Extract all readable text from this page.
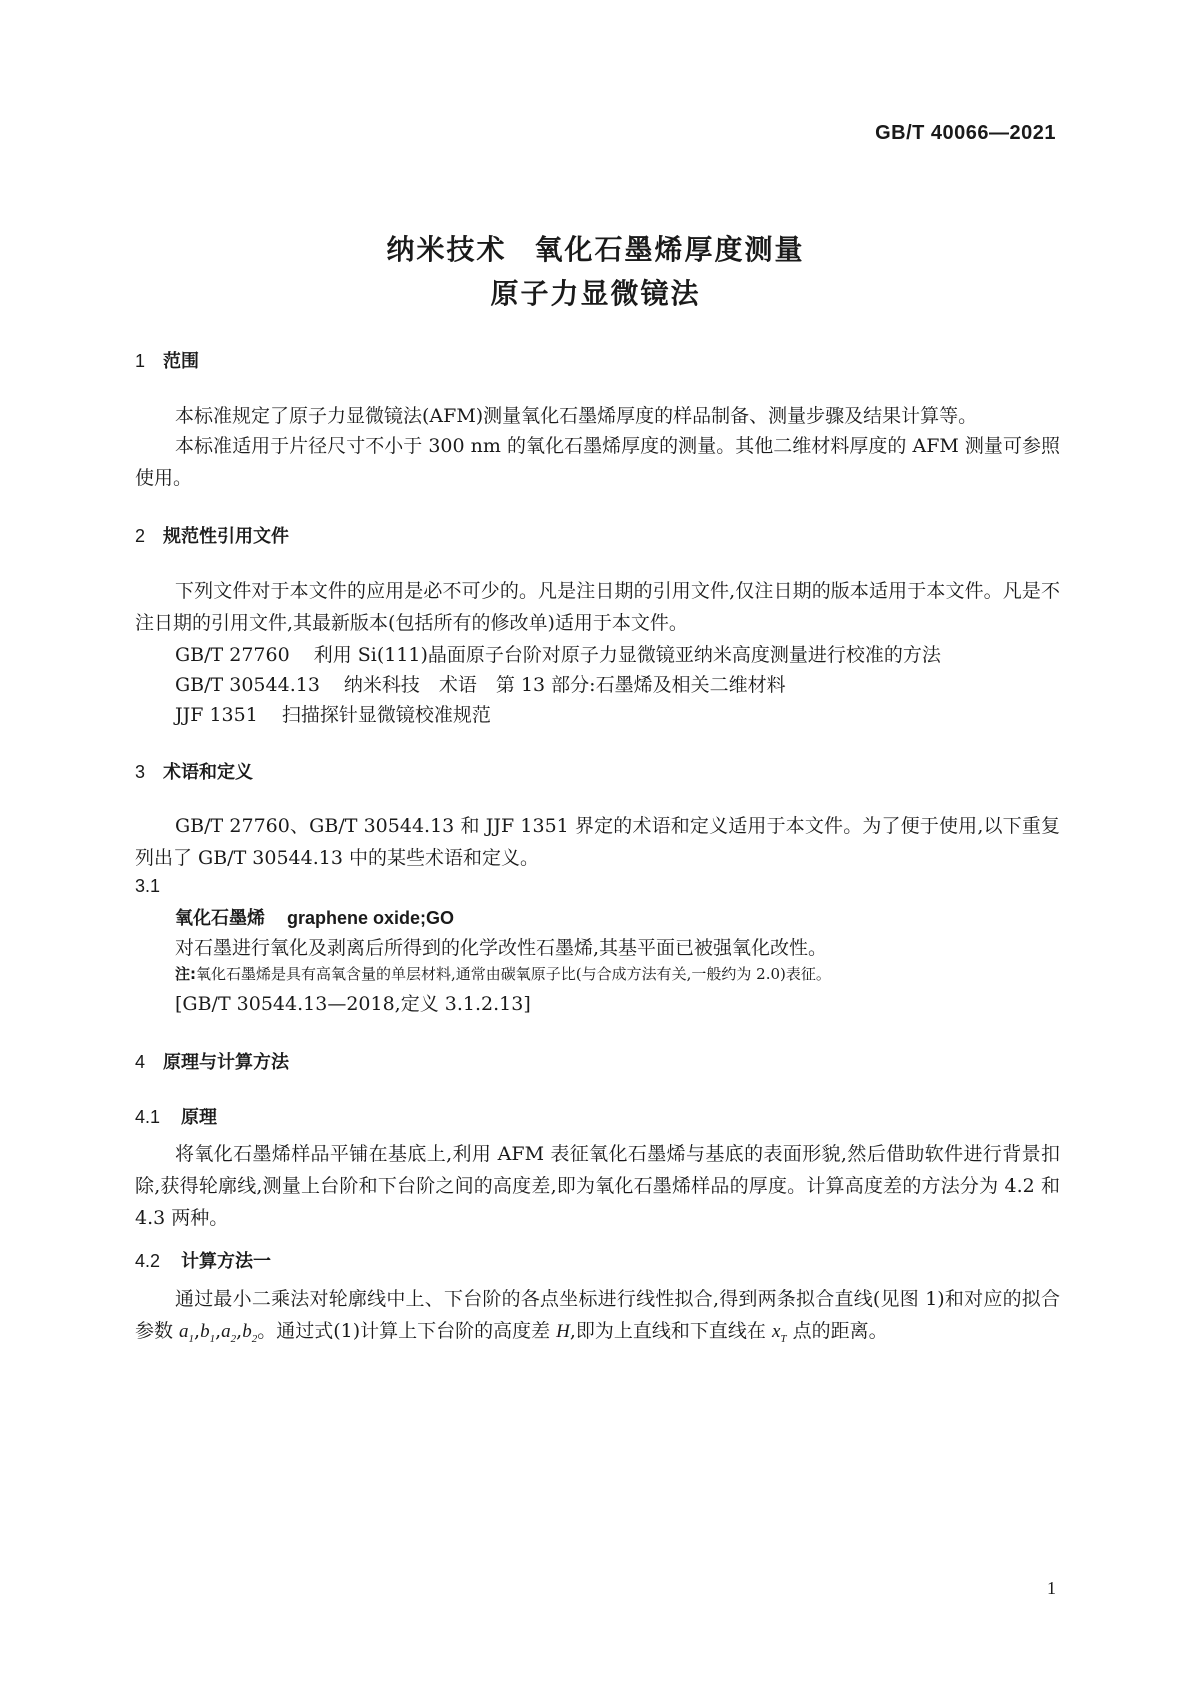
GB/T 40066—2021
纳米技术 氧化石墨烯厚度测量
原子力显微镜法
1 范围
本标准规定了原子力显微镜法(AFM)测量氧化石墨烯厚度的样品制备、测量步骤及结果计算等。
本标准适用于片径尺寸不小于 300 nm 的氧化石墨烯厚度的测量。其他二维材料厚度的 AFM 测量可参照使用。
2 规范性引用文件
下列文件对于本文件的应用是必不可少的。凡是注日期的引用文件,仅注日期的版本适用于本文件。凡是不注日期的引用文件,其最新版本(包括所有的修改单)适用于本文件。
GB/T 27760 利用 Si(111)晶面原子台阶对原子力显微镜亚纳米高度测量进行校准的方法
GB/T 30544.13 纳米科技　术语　第 13 部分:石墨烯及相关二维材料
JJF 1351 扫描探针显微镜校准规范
3 术语和定义
GB/T 27760、GB/T 30544.13 和 JJF 1351 界定的术语和定义适用于本文件。为了便于使用,以下重复列出了 GB/T 30544.13 中的某些术语和定义。
3.1
氧化石墨烯 graphene oxide;GO
对石墨进行氧化及剥离后所得到的化学改性石墨烯,其基平面已被强氧化改性。
注:氧化石墨烯是具有高氧含量的单层材料,通常由碳氧原子比(与合成方法有关,一般约为 2.0)表征。
[GB/T 30544.13—2018,定义 3.1.2.13]
4 原理与计算方法
4.1 原理
将氧化石墨烯样品平铺在基底上,利用 AFM 表征氧化石墨烯与基底的表面形貌,然后借助软件进行背景扣除,获得轮廓线,测量上台阶和下台阶之间的高度差,即为氧化石墨烯样品的厚度。计算高度差的方法分为 4.2 和 4.3 两种。
4.2 计算方法一
通过最小二乘法对轮廓线中上、下台阶的各点坐标进行线性拟合,得到两条拟合直线(见图 1)和对应的拟合参数 $a_1,b_1,a_2,b_2$。通过式(1)计算上下台阶的高度差 H,即为上直线和下直线在 $x_T$ 点的距离。
1
